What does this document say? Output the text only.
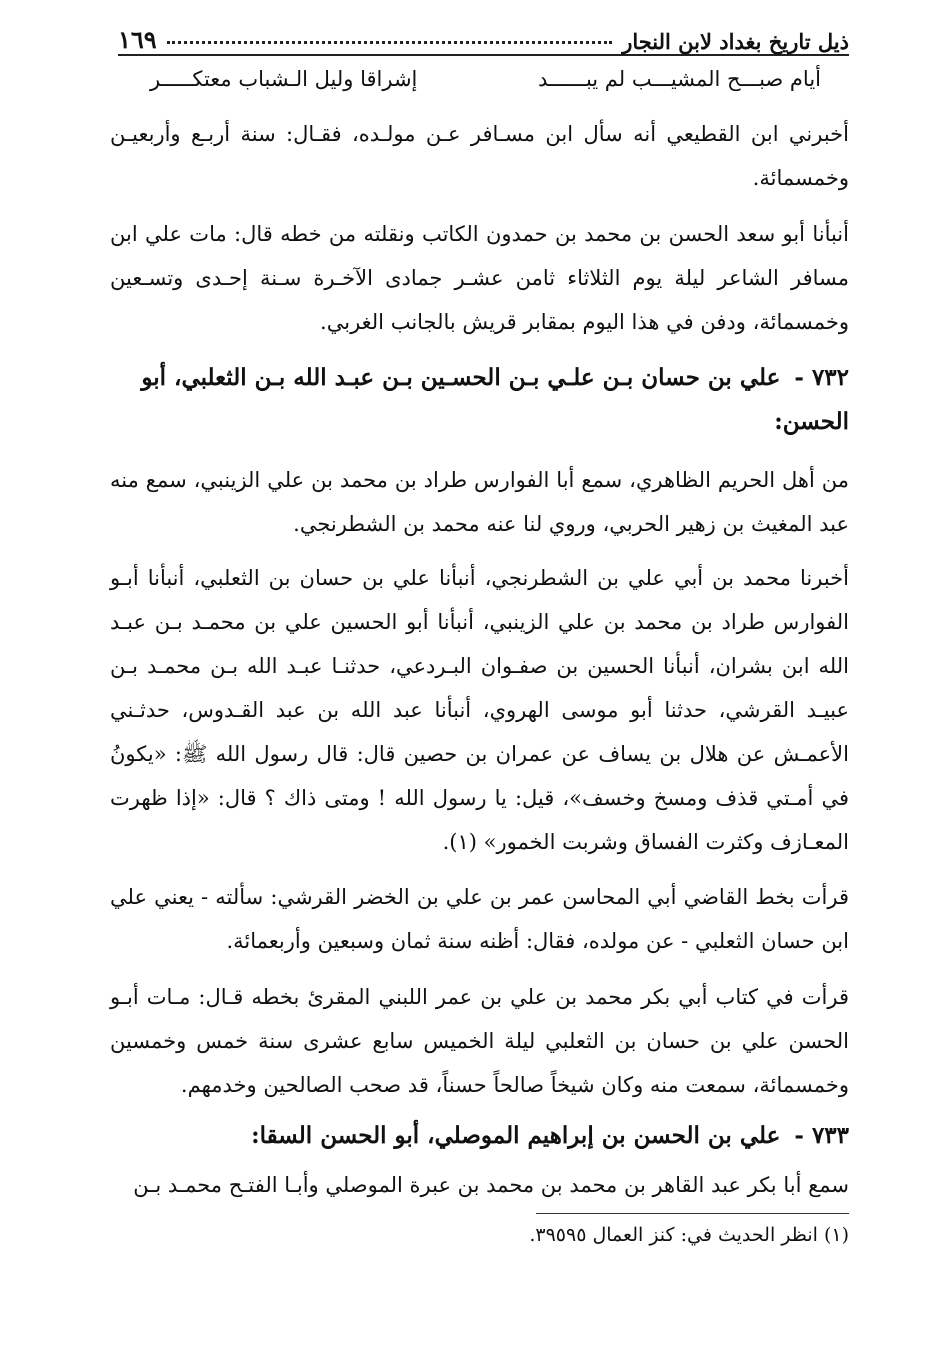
ذيل تاريخ بغداد لابن النجار
١٦٩
أيام صبـــح المشيـــب لم يبــــــد
إشراقا وليل الـشباب معتكـــــر

أخبرني ابن القطيعي أنه سأل ابن مسـافر عـن مولـده، فقـال: سنة أربـع وأربعيـن وخمسمائة.

أنبأنا أبو سعد الحسن بن محمد بن حمدون الكاتب ونقلته من خطه قال: مات علي ابن مسافر الشاعر ليلة يوم الثلاثاء ثامن عشـر جمادى الآخـرة سـنة إحـدى وتسـعين وخمسمائة، ودفن في هذا اليوم بمقابر قريش بالجانب الغربي.

٧٣٢ - علي بن حسان بـن علـي بـن الحسـين بـن عبـد الله بـن الثعلبي، أبو الحسن:

من أهل الحريم الظاهري، سمع أبا الفوارس طراد بن محمد بن علي الزينبي، سمع منه عبد المغيث بن زهير الحربي، وروي لنا عنه محمد بن الشطرنجي.

أخبرنا محمد بن أبي علي بن الشطرنجي، أنبأنا علي بن حسان بن الثعلبي، أنبأنا أبـو الفوارس طراد بن محمد بن علي الزينبي، أنبأنا أبو الحسين علي بن محمـد بـن عبـد الله ابن بشران، أنبأنا الحسين بن صفـوان البـردعي، حدثنـا عبـد الله بـن محمـد بـن عبيـد القرشي، حدثنا أبو موسى الهروي، أنبأنا عبد الله بن عبد القـدوس، حدثـني الأعمـش عن هلال بن يساف عن عمران بن حصين قال: قال رسول الله ﷺ: «يكونُ في أمـتي قذف ومسخ وخسف»، قيل: يا رسول الله ! ومتى ذاك ؟ قال: «إذا ظهرت المعـازف وكثرت الفساق وشربت الخمور» (١).

قرأت بخط القاضي أبي المحاسن عمر بن علي بن الخضر القرشي: سألته - يعني علي ابن حسان الثعلبي - عن مولده، فقال: أظنه سنة ثمان وسبعين وأربعمائة.

قرأت في كتاب أبي بكر محمد بن علي بن عمر اللبني المقرئ بخطه قـال: مـات أبـو الحسن علي بن حسان بن الثعلبي ليلة الخميس سابع عشرى سنة خمس وخمسين وخمسمائة، سمعت منه وكان شيخاً صالحاً حسناً، قد صحب الصالحين وخدمهم.

٧٣٣ - علي بن الحسن بن إبراهيم الموصلي، أبو الحسن السقا:

سمع أبا بكر عبد القاهر بن محمد بن محمد بن عبرة الموصلي وأبـا الفتـح محمـد بـن

(١) انظر الحديث في: كنز العمال ٣٩٥٩٥.
